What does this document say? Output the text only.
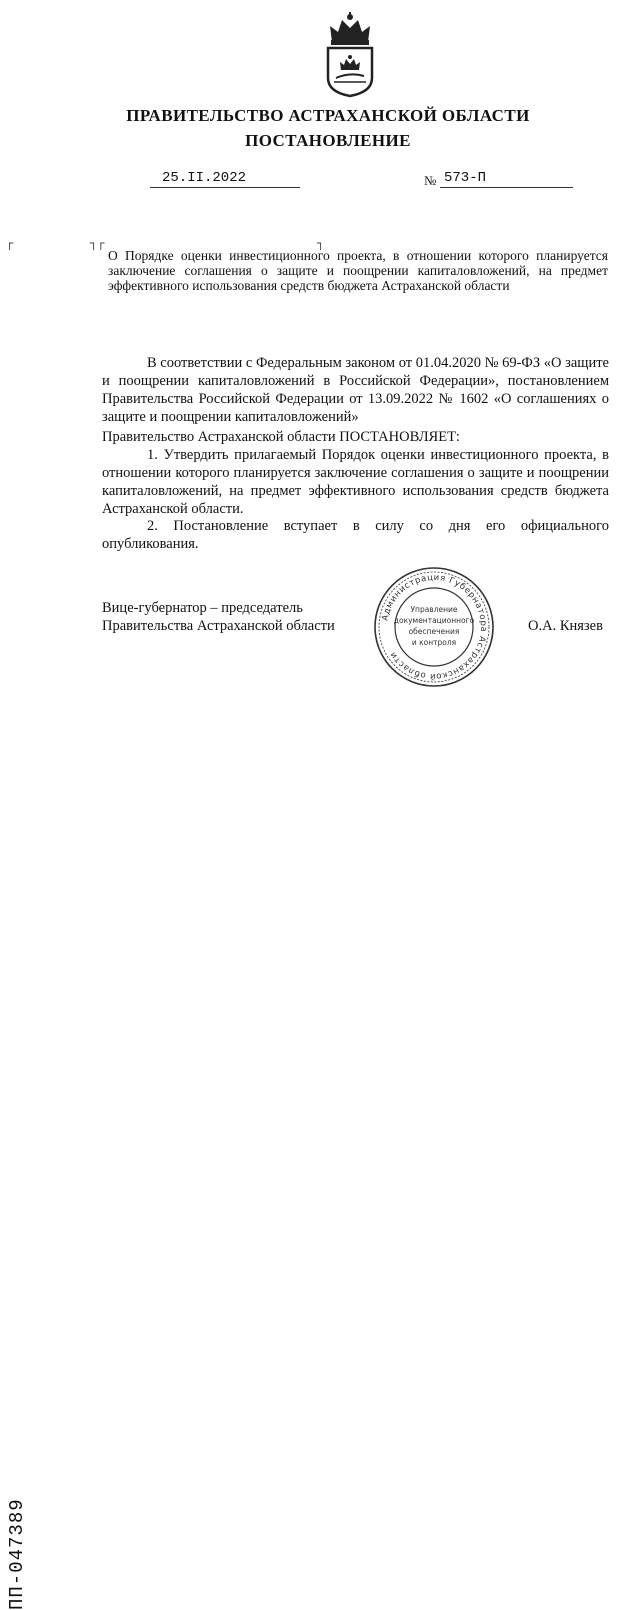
ПРАВИТЕЛЬСТВО АСТРАХАНСКОЙ ОБЛАСТИ
ПОСТАНОВЛЕНИЕ
25.II.2022	№ 573-П
┌	┐┌	┐
О Порядке оценки инвестиционного проекта, в отношении которого планируется заключение соглашения о защите и поощрении капиталовложений, на предмет эффективного использования средств бюджета Астраханской области
В соответствии с Федеральным законом от 01.04.2020 № 69-ФЗ «О защите и поощрении капиталовложений в Российской Федерации», постановлением Правительства Российской Федерации от 13.09.2022 № 1602 «О соглашениях о защите и поощрении капиталовложений»
Правительство Астраханской области ПОСТАНОВЛЯЕТ:
1. Утвердить прилагаемый Порядок оценки инвестиционного проекта, в отношении которого планируется заключение соглашения о защите и поощрении капиталовложений, на предмет эффективного использования средств бюджета Астраханской области.
2. Постановление вступает в силу со дня его официального опубликования.
Вице-губернатор – председатель
Правительства Астраханской области	О.А. Князев
Администрация Губернатора Астраханской области
Управление
документационного
обеспечения
и контроля
ПП-047389
